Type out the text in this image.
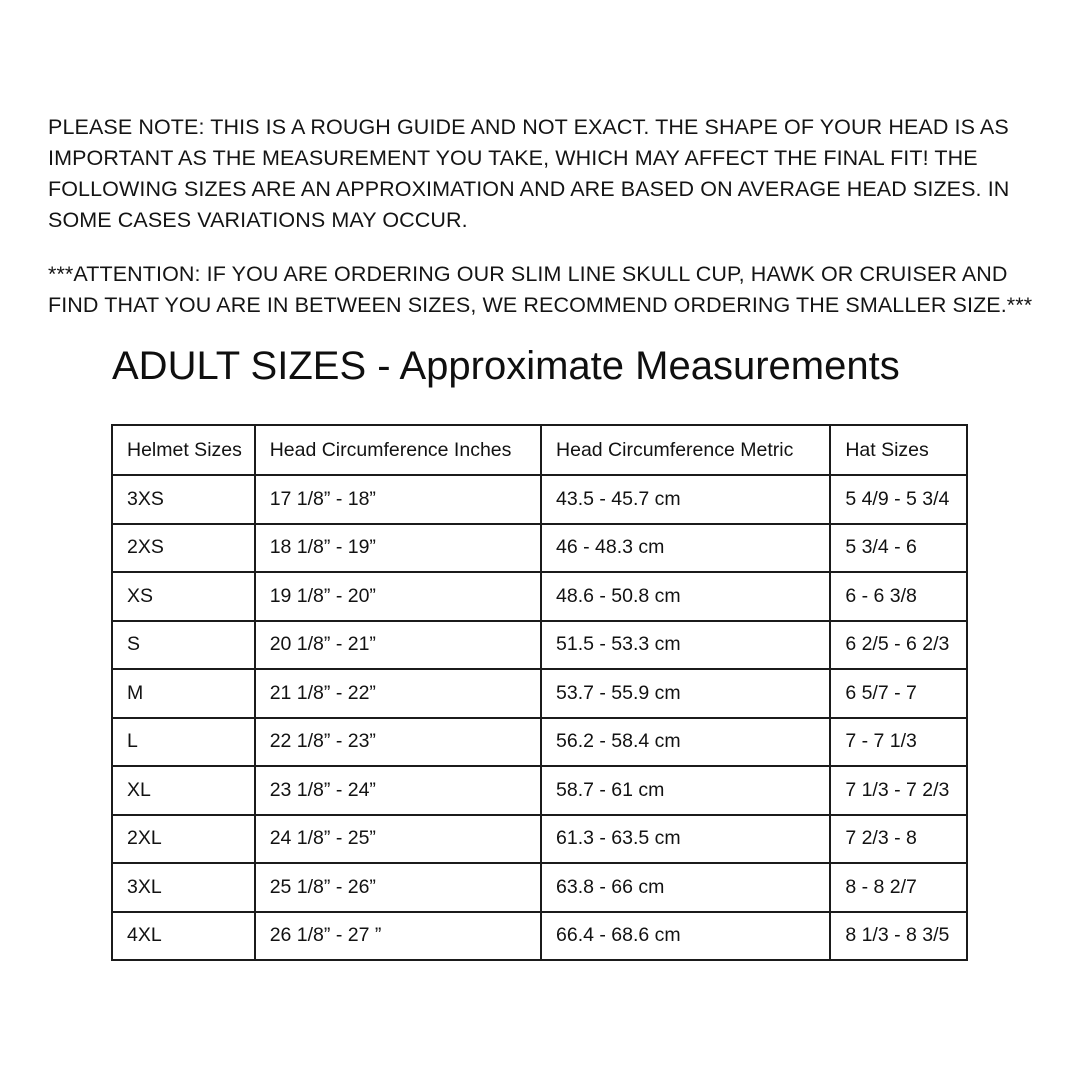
PLEASE NOTE: THIS IS A ROUGH GUIDE AND NOT EXACT. THE SHAPE OF YOUR HEAD IS AS IMPORTANT AS THE MEASUREMENT YOU TAKE, WHICH MAY AFFECT THE FINAL FIT! THE FOLLOWING SIZES ARE AN APPROXIMATION AND ARE BASED ON AVERAGE HEAD SIZES. IN SOME CASES VARIATIONS MAY OCCUR.

***ATTENTION: IF YOU ARE ORDERING OUR SLIM LINE SKULL CUP, HAWK OR CRUISER AND FIND THAT YOU ARE IN BETWEEN SIZES, WE RECOMMEND ORDERING THE SMALLER SIZE.***

ADULT SIZES - Approximate Measurements
Helmet Sizes	Head Circumference Inches	Head Circumference Metric	Hat Sizes
3XS	17 1/8” - 18”	43.5 - 45.7 cm	5 4/9 - 5 3/4
2XS	18 1/8” - 19”	46 - 48.3 cm	5 3/4 - 6
XS	19 1/8” - 20”	48.6 - 50.8 cm	6 - 6 3/8
S	20 1/8” - 21”	51.5 - 53.3 cm	6 2/5 - 6 2/3
M	21 1/8” - 22”	53.7 - 55.9 cm	6 5/7 - 7
L	22 1/8” - 23”	56.2 - 58.4 cm	7 - 7 1/3
XL	23 1/8” - 24”	58.7 - 61 cm	7 1/3 - 7 2/3
2XL	24 1/8” - 25”	61.3 - 63.5 cm	7 2/3 - 8
3XL	25 1/8” - 26”	63.8 - 66 cm	8 - 8 2/7
4XL	26 1/8” - 27 ”	66.4 - 68.6 cm	8 1/3 - 8 3/5
